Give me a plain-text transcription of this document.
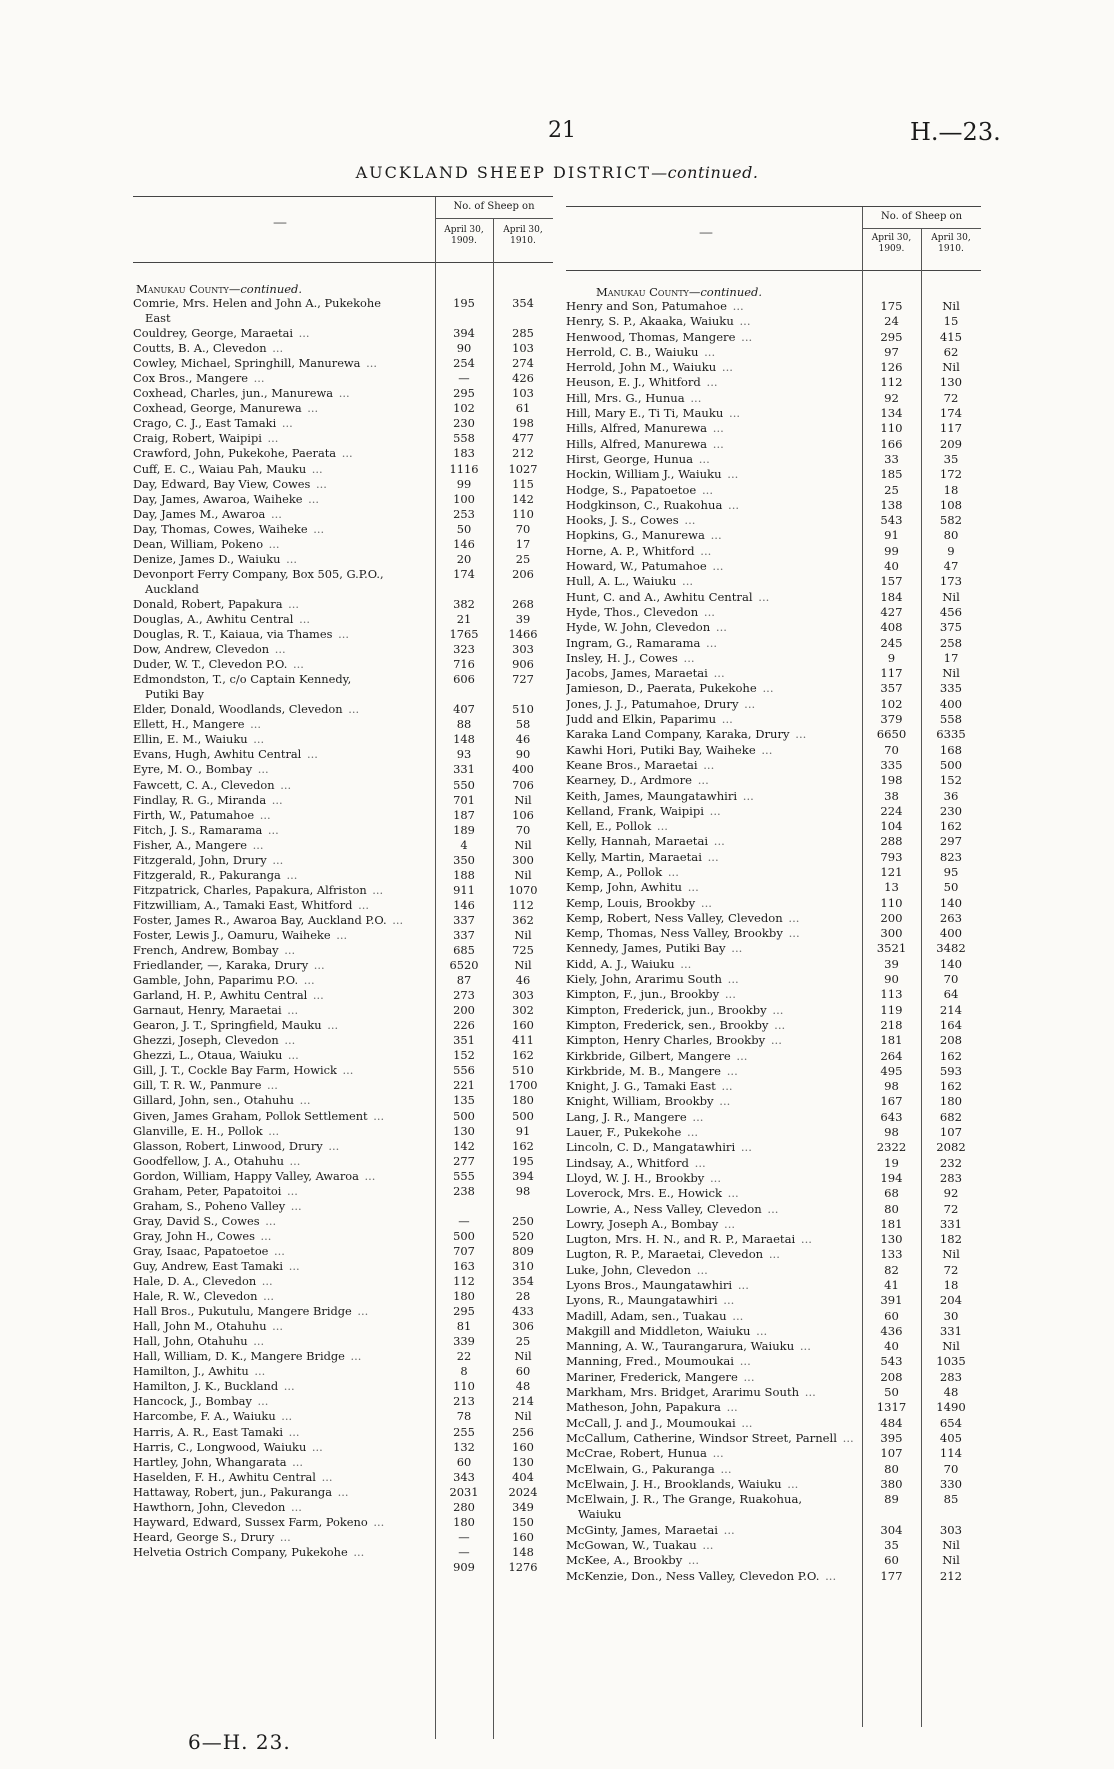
21	H.—23.
AUCKLAND SHEEP DISTRICT—continued.
—
No. of Sheep on
April 30, 1909.
April 30, 1910.
Manukau County—continued.
Comrie, Mrs. Helen and John A., Pukekohe
East
195	354
Couldrey, George, Maraetai ...	394	285
Coutts, B. A., Clevedon ...	90	103
Cowley, Michael, Springhill, Manurewa ...	254	274
Cox Bros., Mangere ...	—	426
Coxhead, Charles, jun., Manurewa ...	295	103
Coxhead, George, Manurewa ...	102	61
Crago, C. J., East Tamaki ...	230	198
Craig, Robert, Waipipi ...	558	477
Crawford, John, Pukekohe, Paerata ...	183	212
Cuff, E. C., Waiau Pah, Mauku ...	1116	1027
Day, Edward, Bay View, Cowes ...	99	115
Day, James, Awaroa, Waiheke ...	100	142
Day, James M., Awaroa ...	253	110
Day, Thomas, Cowes, Waiheke ...	50	70
Dean, William, Pokeno ...	146	17
Denize, James D., Waiuku ...	20	25
Devonport Ferry Company, Box 505, G.P.O.,
Auckland
174	206
Donald, Robert, Papakura ...	382	268
Douglas, A., Awhitu Central ...	21	39
Douglas, R. T., Kaiaua, via Thames ...	1765	1466
Dow, Andrew, Clevedon ...	323	303
Duder, W. T., Clevedon P.O. ...	716	906
Edmondston, T., c/o Captain Kennedy,
Putiki Bay
606	727
Elder, Donald, Woodlands, Clevedon ...	407	510
Ellett, H., Mangere ...	88	58
Ellin, E. M., Waiuku ...	148	46
Evans, Hugh, Awhitu Central ...	93	90
Eyre, M. O., Bombay ...	331	400
Fawcett, C. A., Clevedon ...	550	706
Findlay, R. G., Miranda ...	701	Nil
Firth, W., Patumahoe ...	187	106
Fitch, J. S., Ramarama ...	189	70
Fisher, A., Mangere ...	4	Nil
Fitzgerald, John, Drury ...	350	300
Fitzgerald, R., Pakuranga ...	188	Nil
Fitzpatrick, Charles, Papakura, Alfriston ...	911	1070
Fitzwilliam, A., Tamaki East, Whitford ...	146	112
Foster, James R., Awaroa Bay, Auckland P.O. ...	337	362
Foster, Lewis J., Oamuru, Waiheke ...	337	Nil
French, Andrew, Bombay ...	685	725
Friedlander, —, Karaka, Drury ...	6520	Nil
Gamble, John, Paparimu P.O. ...	87	46
Garland, H. P., Awhitu Central ...	273	303
Garnaut, Henry, Maraetai ...	200	302
Gearon, J. T., Springfield, Mauku ...	226	160
Ghezzi, Joseph, Clevedon ...	351	411
Ghezzi, L., Otaua, Waiuku ...	152	162
Gill, J. T., Cockle Bay Farm, Howick ...	556	510
Gill, T. R. W., Panmure ...	221	1700
Gillard, John, sen., Otahuhu ...	135	180
Given, James Graham, Pollok Settlement ...	500	500
Glanville, E. H., Pollok ...	130	91
Glasson, Robert, Linwood, Drury ...	142	162
Goodfellow, J. A., Otahuhu ...	277	195
Gordon, William, Happy Valley, Awaroa ...	555	394
Graham, Peter, Papatoitoi ...	238	98
Graham, S., Poheno Valley ...
Gray, David S., Cowes ...	—	250
Gray, John H., Cowes ...	500	520
Gray, Isaac, Papatoetoe ...	707	809
Guy, Andrew, East Tamaki ...	163	310
Hale, D. A., Clevedon ...	112	354
Hale, R. W., Clevedon ...	180	28
Hall Bros., Pukutulu, Mangere Bridge ...	295	433
Hall, John M., Otahuhu ...	81	306
Hall, John, Otahuhu ...	339	25
Hall, William, D. K., Mangere Bridge ...	22	Nil
Hamilton, J., Awhitu ...	8	60
Hamilton, J. K., Buckland ...	110	48
Hancock, J., Bombay ...	213	214
Harcombe, F. A., Waiuku ...	78	Nil
Harris, A. R., East Tamaki ...	255	256
Harris, C., Longwood, Waiuku ...	132	160
Hartley, John, Whangarata ...	60	130
Haselden, F. H., Awhitu Central ...	343	404
Hattaway, Robert, jun., Pakuranga ...	2031	2024
Hawthorn, John, Clevedon ...	280	349
Hayward, Edward, Sussex Farm, Pokeno ...	180	150
Heard, George S., Drury ...	—	160
Helvetia Ostrich Company, Pukekohe ...	—	148
909	1276
—
No. of Sheep on
April 30, 1909.
April 30, 1910.
Manukau County—continued.
Henry and Son, Patumahoe ...	175	Nil
Henry, S. P., Akaaka, Waiuku ...	24	15
Henwood, Thomas, Mangere ...	295	415
Herrold, C. B., Waiuku ...	97	62
Herrold, John M., Waiuku ...	126	Nil
Heuson, E. J., Whitford ...	112	130
Hill, Mrs. G., Hunua ...	92	72
Hill, Mary E., Ti Ti, Mauku ...	134	174
Hills, Alfred, Manurewa ...	110	117
Hills, Alfred, Manurewa ...	166	209
Hirst, George, Hunua ...	33	35
Hockin, William J., Waiuku ...	185	172
Hodge, S., Papatoetoe ...	25	18
Hodgkinson, C., Ruakohua ...	138	108
Hooks, J. S., Cowes ...	543	582
Hopkins, G., Manurewa ...	91	80
Horne, A. P., Whitford ...	99	9
Howard, W., Patumahoe ...	40	47
Hull, A. L., Waiuku ...	157	173
Hunt, C. and A., Awhitu Central ...	184	Nil
Hyde, Thos., Clevedon ...	427	456
Hyde, W. John, Clevedon ...	408	375
Ingram, G., Ramarama ...	245	258
Insley, H. J., Cowes ...	9	17
Jacobs, James, Maraetai ...	117	Nil
Jamieson, D., Paerata, Pukekohe ...	357	335
Jones, J. J., Patumahoe, Drury ...	102	400
Judd and Elkin, Paparimu ...	379	558
Karaka Land Company, Karaka, Drury ...	6650	6335
Kawhi Hori, Putiki Bay, Waiheke ...	70	168
Keane Bros., Maraetai ...	335	500
Kearney, D., Ardmore ...	198	152
Keith, James, Maungatawhiri ...	38	36
Kelland, Frank, Waipipi ...	224	230
Kell, E., Pollok ...	104	162
Kelly, Hannah, Maraetai ...	288	297
Kelly, Martin, Maraetai ...	793	823
Kemp, A., Pollok ...	121	95
Kemp, John, Awhitu ...	13	50
Kemp, Louis, Brookby ...	110	140
Kemp, Robert, Ness Valley, Clevedon ...	200	263
Kemp, Thomas, Ness Valley, Brookby ...	300	400
Kennedy, James, Putiki Bay ...	3521	3482
Kidd, A. J., Waiuku ...	39	140
Kiely, John, Ararimu South ...	90	70
Kimpton, F., jun., Brookby ...	113	64
Kimpton, Frederick, jun., Brookby ...	119	214
Kimpton, Frederick, sen., Brookby ...	218	164
Kimpton, Henry Charles, Brookby ...	181	208
Kirkbride, Gilbert, Mangere ...	264	162
Kirkbride, M. B., Mangere ...	495	593
Knight, J. G., Tamaki East ...	98	162
Knight, William, Brookby ...	167	180
Lang, J. R., Mangere ...	643	682
Lauer, F., Pukekohe ...	98	107
Lincoln, C. D., Mangatawhiri ...	2322	2082
Lindsay, A., Whitford ...	19	232
Lloyd, W. J. H., Brookby ...	194	283
Loverock, Mrs. E., Howick ...	68	92
Lowrie, A., Ness Valley, Clevedon ...	80	72
Lowry, Joseph A., Bombay ...	181	331
Lugton, Mrs. H. N., and R. P., Maraetai ...	130	182
Lugton, R. P., Maraetai, Clevedon ...	133	Nil
Luke, John, Clevedon ...	82	72
Lyons Bros., Maungatawhiri ...	41	18
Lyons, R., Maungatawhiri ...	391	204
Madill, Adam, sen., Tuakau ...	60	30
Makgill and Middleton, Waiuku ...	436	331
Manning, A. W., Taurangarura, Waiuku ...	40	Nil
Manning, Fred., Moumoukai ...	543	1035
Mariner, Frederick, Mangere ...	208	283
Markham, Mrs. Bridget, Ararimu South ...	50	48
Matheson, John, Papakura ...	1317	1490
McCall, J. and J., Moumoukai ...	484	654
McCallum, Catherine, Windsor Street, Parnell ...	395	405
McCrae, Robert, Hunua ...	107	114
McElwain, G., Pakuranga ...	80	70
McElwain, J. H., Brooklands, Waiuku ...	380	330
McElwain, J. R., The Grange, Ruakohua,
Waiuku
89	85
McGinty, James, Maraetai ...	304	303
McGowan, W., Tuakau ...	35	Nil
McKee, A., Brookby ...	60	Nil
McKenzie, Don., Ness Valley, Clevedon P.O. ...	177	212
6—H. 23.
